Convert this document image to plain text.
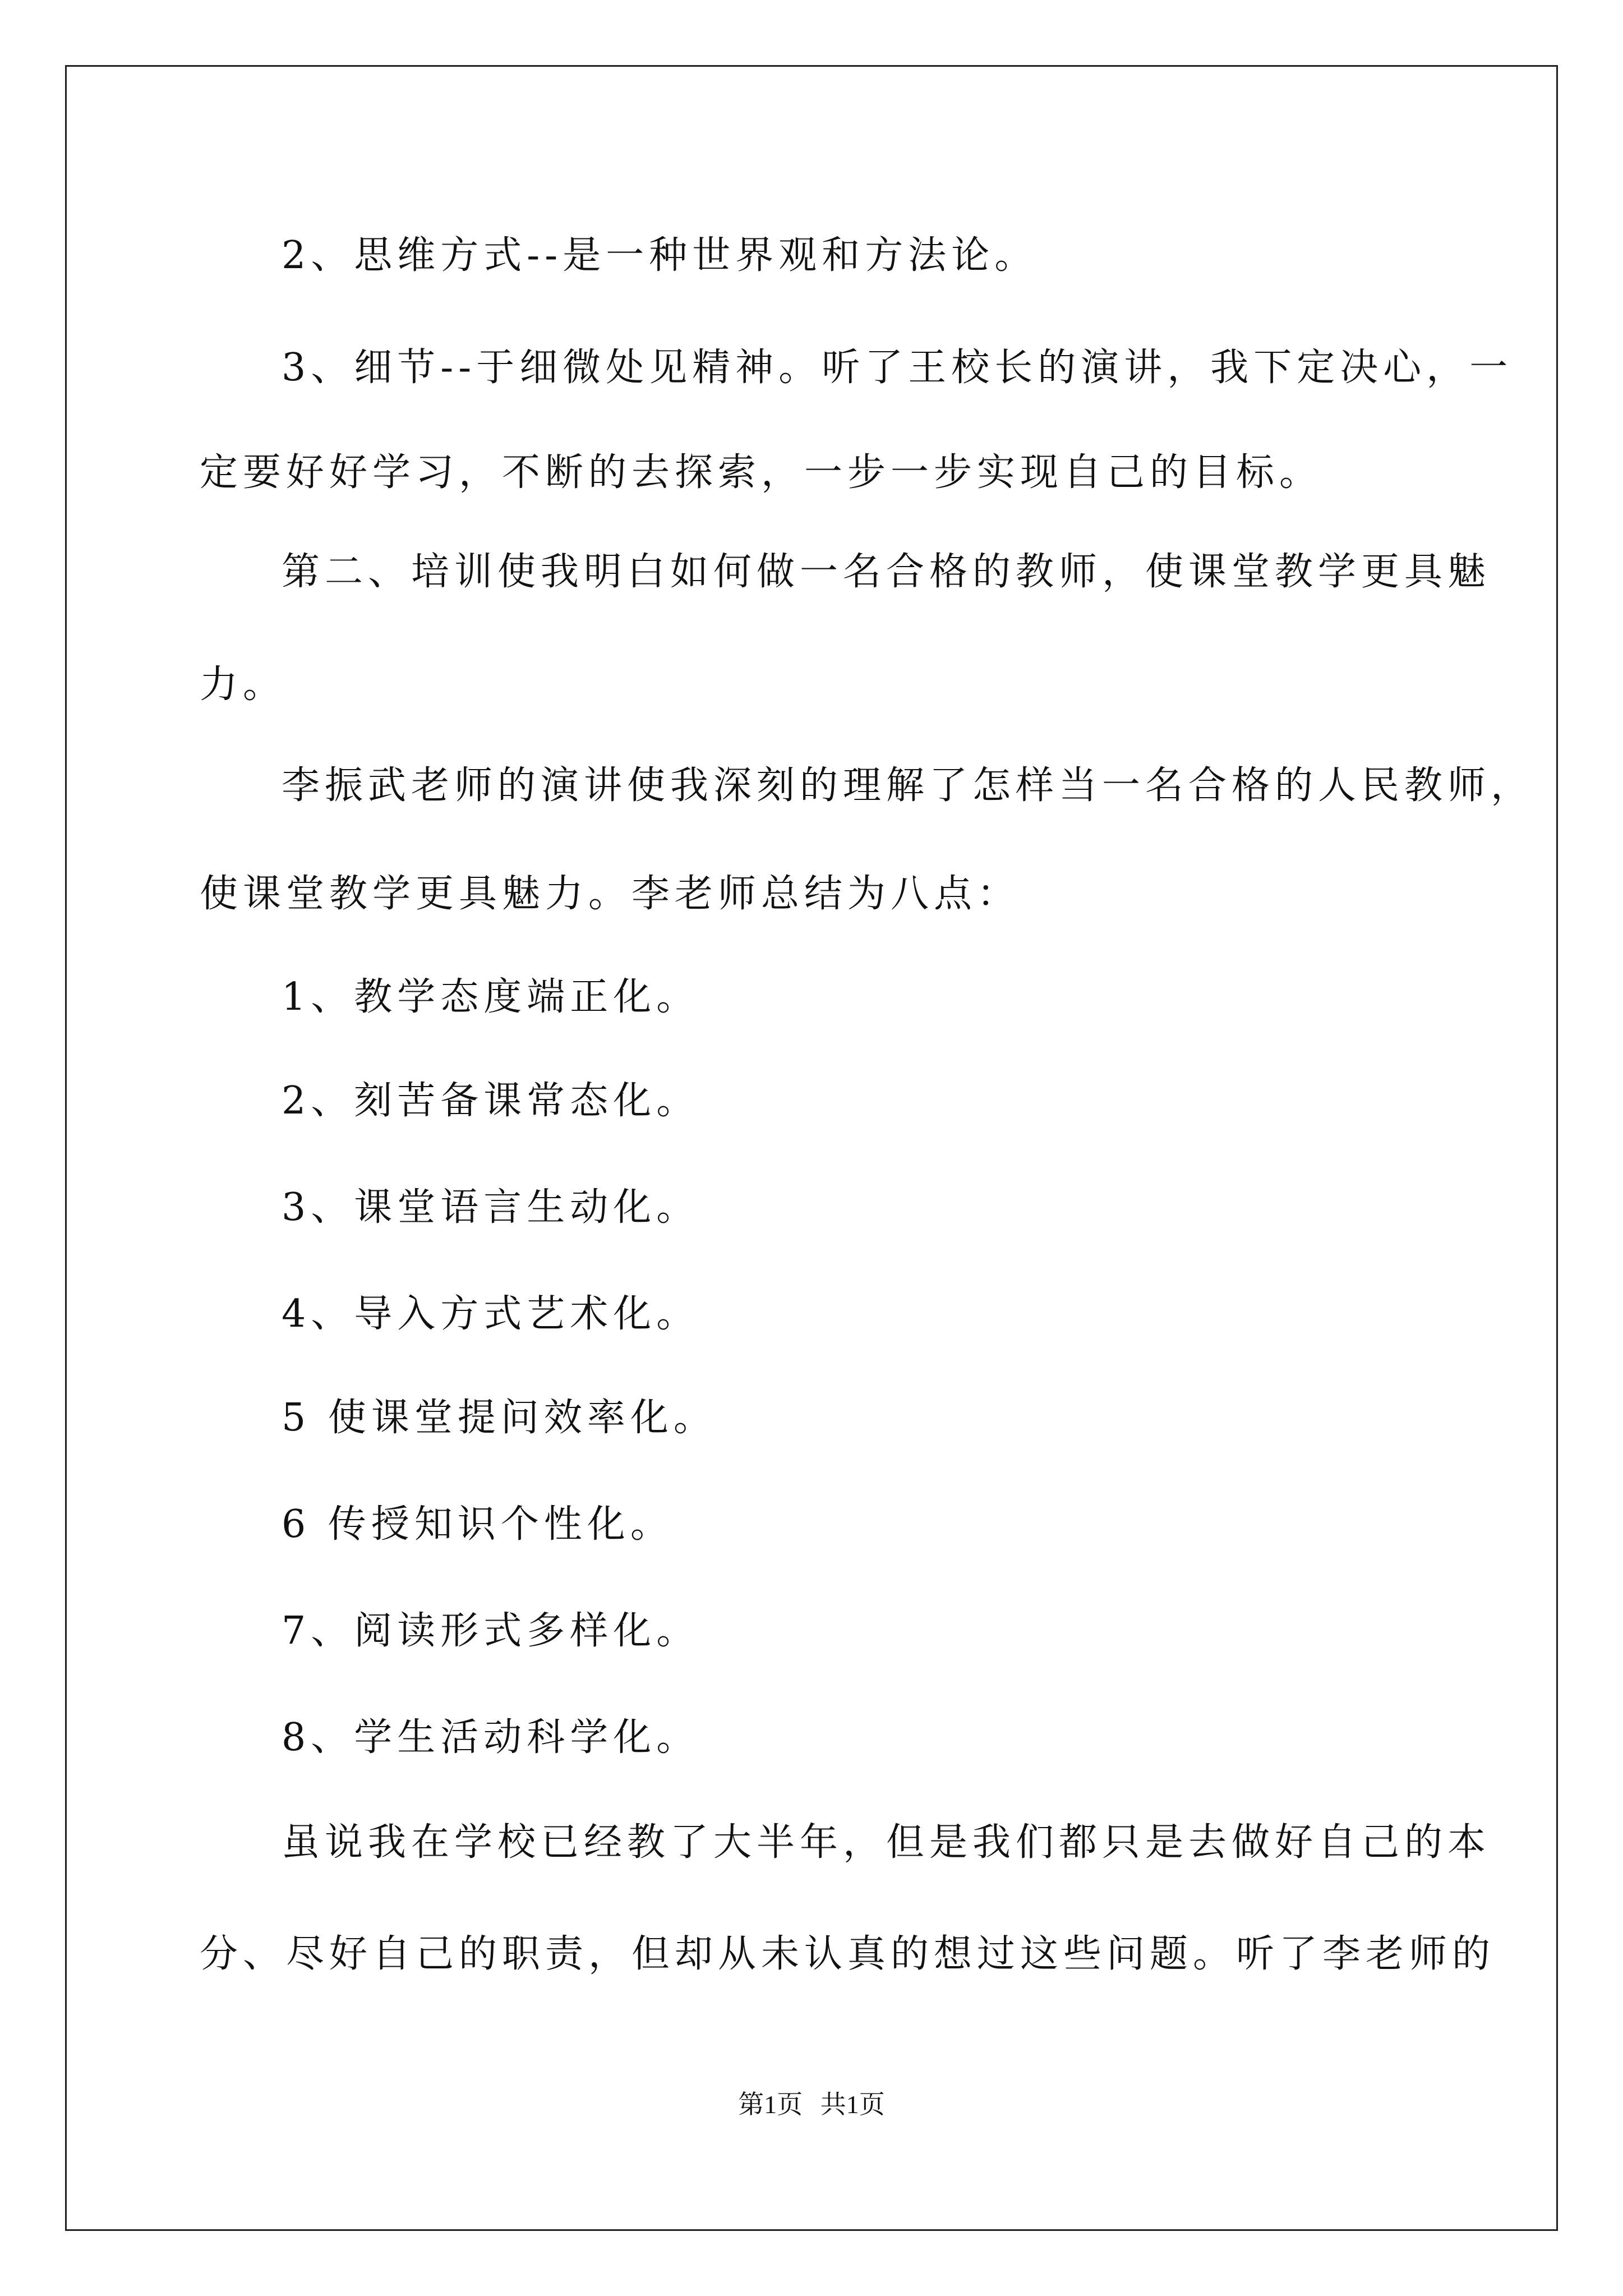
2、思维方式--是一种世界观和方法论。
3、细节--于细微处见精神。听了王校长的演讲，我下定决心，一
定要好好学习，不断的去探索，一步一步实现自己的目标。
第二、培训使我明白如何做一名合格的教师，使课堂教学更具魅
力。
李振武老师的演讲使我深刻的理解了怎样当一名合格的人民教师，
使课堂教学更具魅力。李老师总结为八点：
1、教学态度端正化。
2、刻苦备课常态化。
3、课堂语言生动化。
4、导入方式艺术化。
5 使课堂提问效率化。
6 传授知识个性化。
7、阅读形式多样化。
8、学生活动科学化。
虽说我在学校已经教了大半年，但是我们都只是去做好自己的本
分、尽好自己的职责，但却从未认真的想过这些问题。听了李老师的
第1页 共1页
